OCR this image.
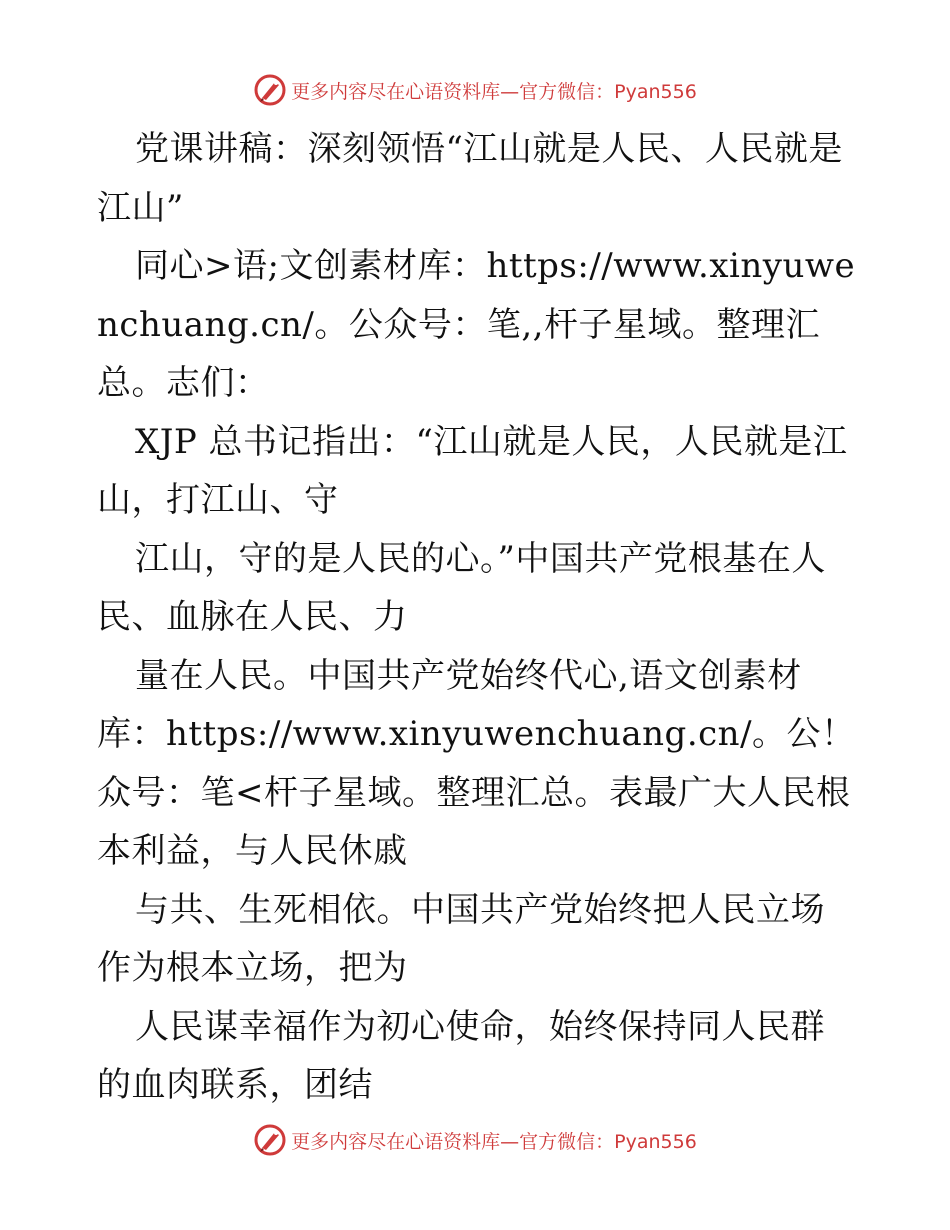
更多内容尽在心语资料库—官方微信：Pyan556

党课讲稿：深刻领悟“江山就是人民、人民就是江山”

同心>语;文创素材库：https://www.xinyuwenchuang.cn/。公众号：笔,,杆子星域。整理汇总。志们：

XJP 总书记指出：“江山就是人民，人民就是江山，打江山、守

江山，守的是人民的心。”中国共产党根基在人民、血脉在人民、力

量在人民。中国共产党始终代心,语文创素材库：https://www.xinyuwenchuang.cn/。公！众号：笔<杆子星域。整理汇总。表最广大人民根本利益，与人民休戚

与共、生死相依。中国共产党始终把人民立场作为根本立场，把为

人民谋幸福作为初心使命，始终保持同人民群的血肉联系，团结

更多内容尽在心语资料库—官方微信：Pyan556
